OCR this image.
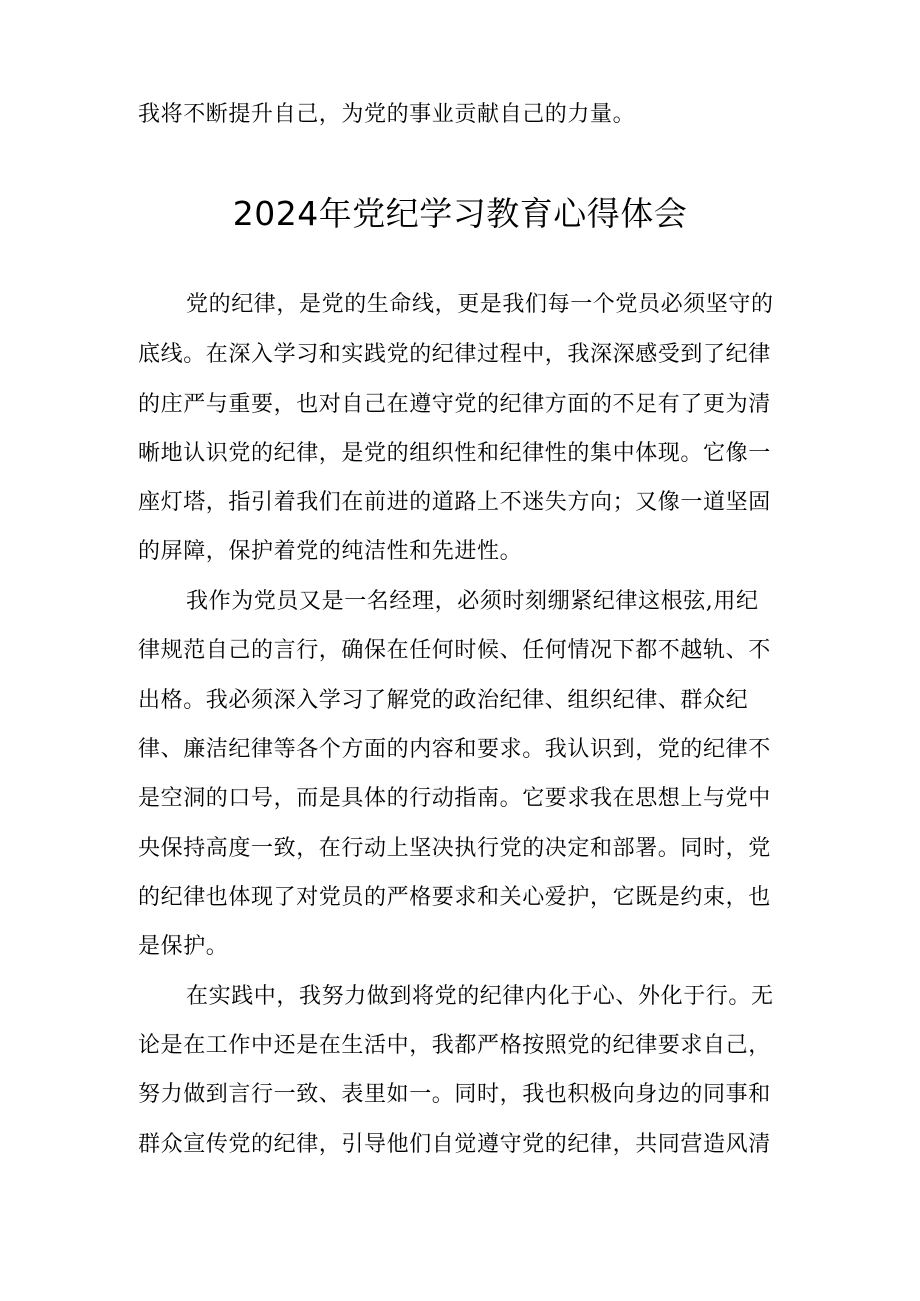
我将不断提升自己，为党的事业贡献自己的力量。
2024年党纪学习教育心得体会
党的纪律，是党的生命线，更是我们每一个党员必须坚守的
底线。在深入学习和实践党的纪律过程中，我深深感受到了纪律
的庄严与重要，也对自己在遵守党的纪律方面的不足有了更为清
晰地认识党的纪律，是党的组织性和纪律性的集中体现。它像一
座灯塔，指引着我们在前进的道路上不迷失方向；又像一道坚固
的屏障，保护着党的纯洁性和先进性。
我作为党员又是一名经理，必须时刻绷紧纪律这根弦,用纪
律规范自己的言行，确保在任何时候、任何情况下都不越轨、不
出格。我必须深入学习了解党的政治纪律、组织纪律、群众纪
律、廉洁纪律等各个方面的内容和要求。我认识到，党的纪律不
是空洞的口号，而是具体的行动指南。它要求我在思想上与党中
央保持高度一致，在行动上坚决执行党的决定和部署。同时，党
的纪律也体现了对党员的严格要求和关心爱护，它既是约束，也
是保护。
在实践中，我努力做到将党的纪律内化于心、外化于行。无
论是在工作中还是在生活中，我都严格按照党的纪律要求自己，
努力做到言行一致、表里如一。同时，我也积极向身边的同事和
群众宣传党的纪律，引导他们自觉遵守党的纪律，共同营造风清
